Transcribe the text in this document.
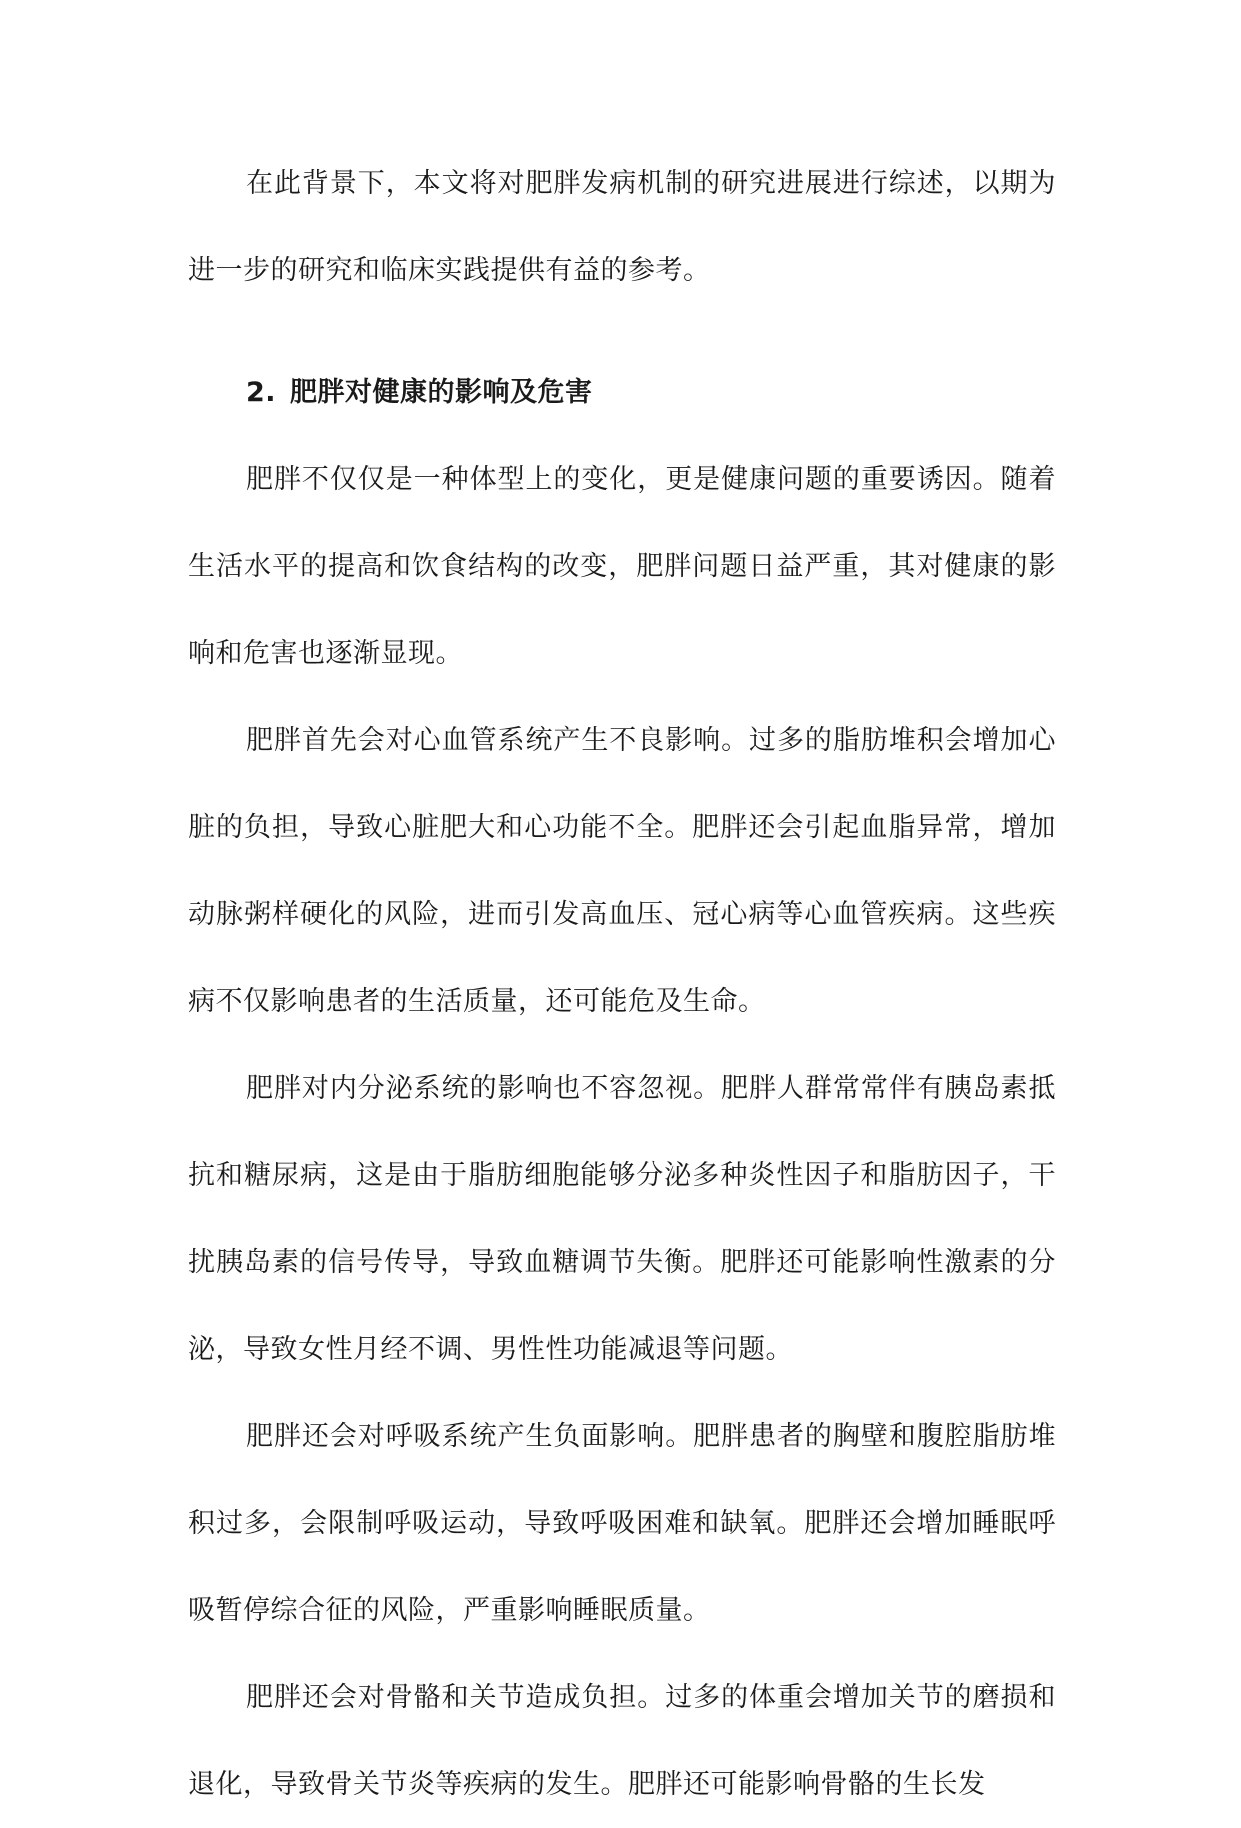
在此背景下，本文将对肥胖发病机制的研究进展进行综述，以期为进一步的研究和临床实践提供有益的参考。

2. 肥胖对健康的影响及危害

肥胖不仅仅是一种体型上的变化，更是健康问题的重要诱因。随着生活水平的提高和饮食结构的改变，肥胖问题日益严重，其对健康的影响和危害也逐渐显现。

肥胖首先会对心血管系统产生不良影响。过多的脂肪堆积会增加心脏的负担，导致心脏肥大和心功能不全。肥胖还会引起血脂异常，增加动脉粥样硬化的风险，进而引发高血压、冠心病等心血管疾病。这些疾病不仅影响患者的生活质量，还可能危及生命。

肥胖对内分泌系统的影响也不容忽视。肥胖人群常常伴有胰岛素抵抗和糖尿病，这是由于脂肪细胞能够分泌多种炎性因子和脂肪因子，干扰胰岛素的信号传导，导致血糖调节失衡。肥胖还可能影响性激素的分泌，导致女性月经不调、男性性功能减退等问题。

肥胖还会对呼吸系统产生负面影响。肥胖患者的胸壁和腹腔脂肪堆积过多，会限制呼吸运动，导致呼吸困难和缺氧。肥胖还会增加睡眠呼吸暂停综合征的风险，严重影响睡眠质量。

肥胖还会对骨骼和关节造成负担。过多的体重会增加关节的磨损和退化，导致骨关节炎等疾病的发生。肥胖还可能影响骨骼的生长发
